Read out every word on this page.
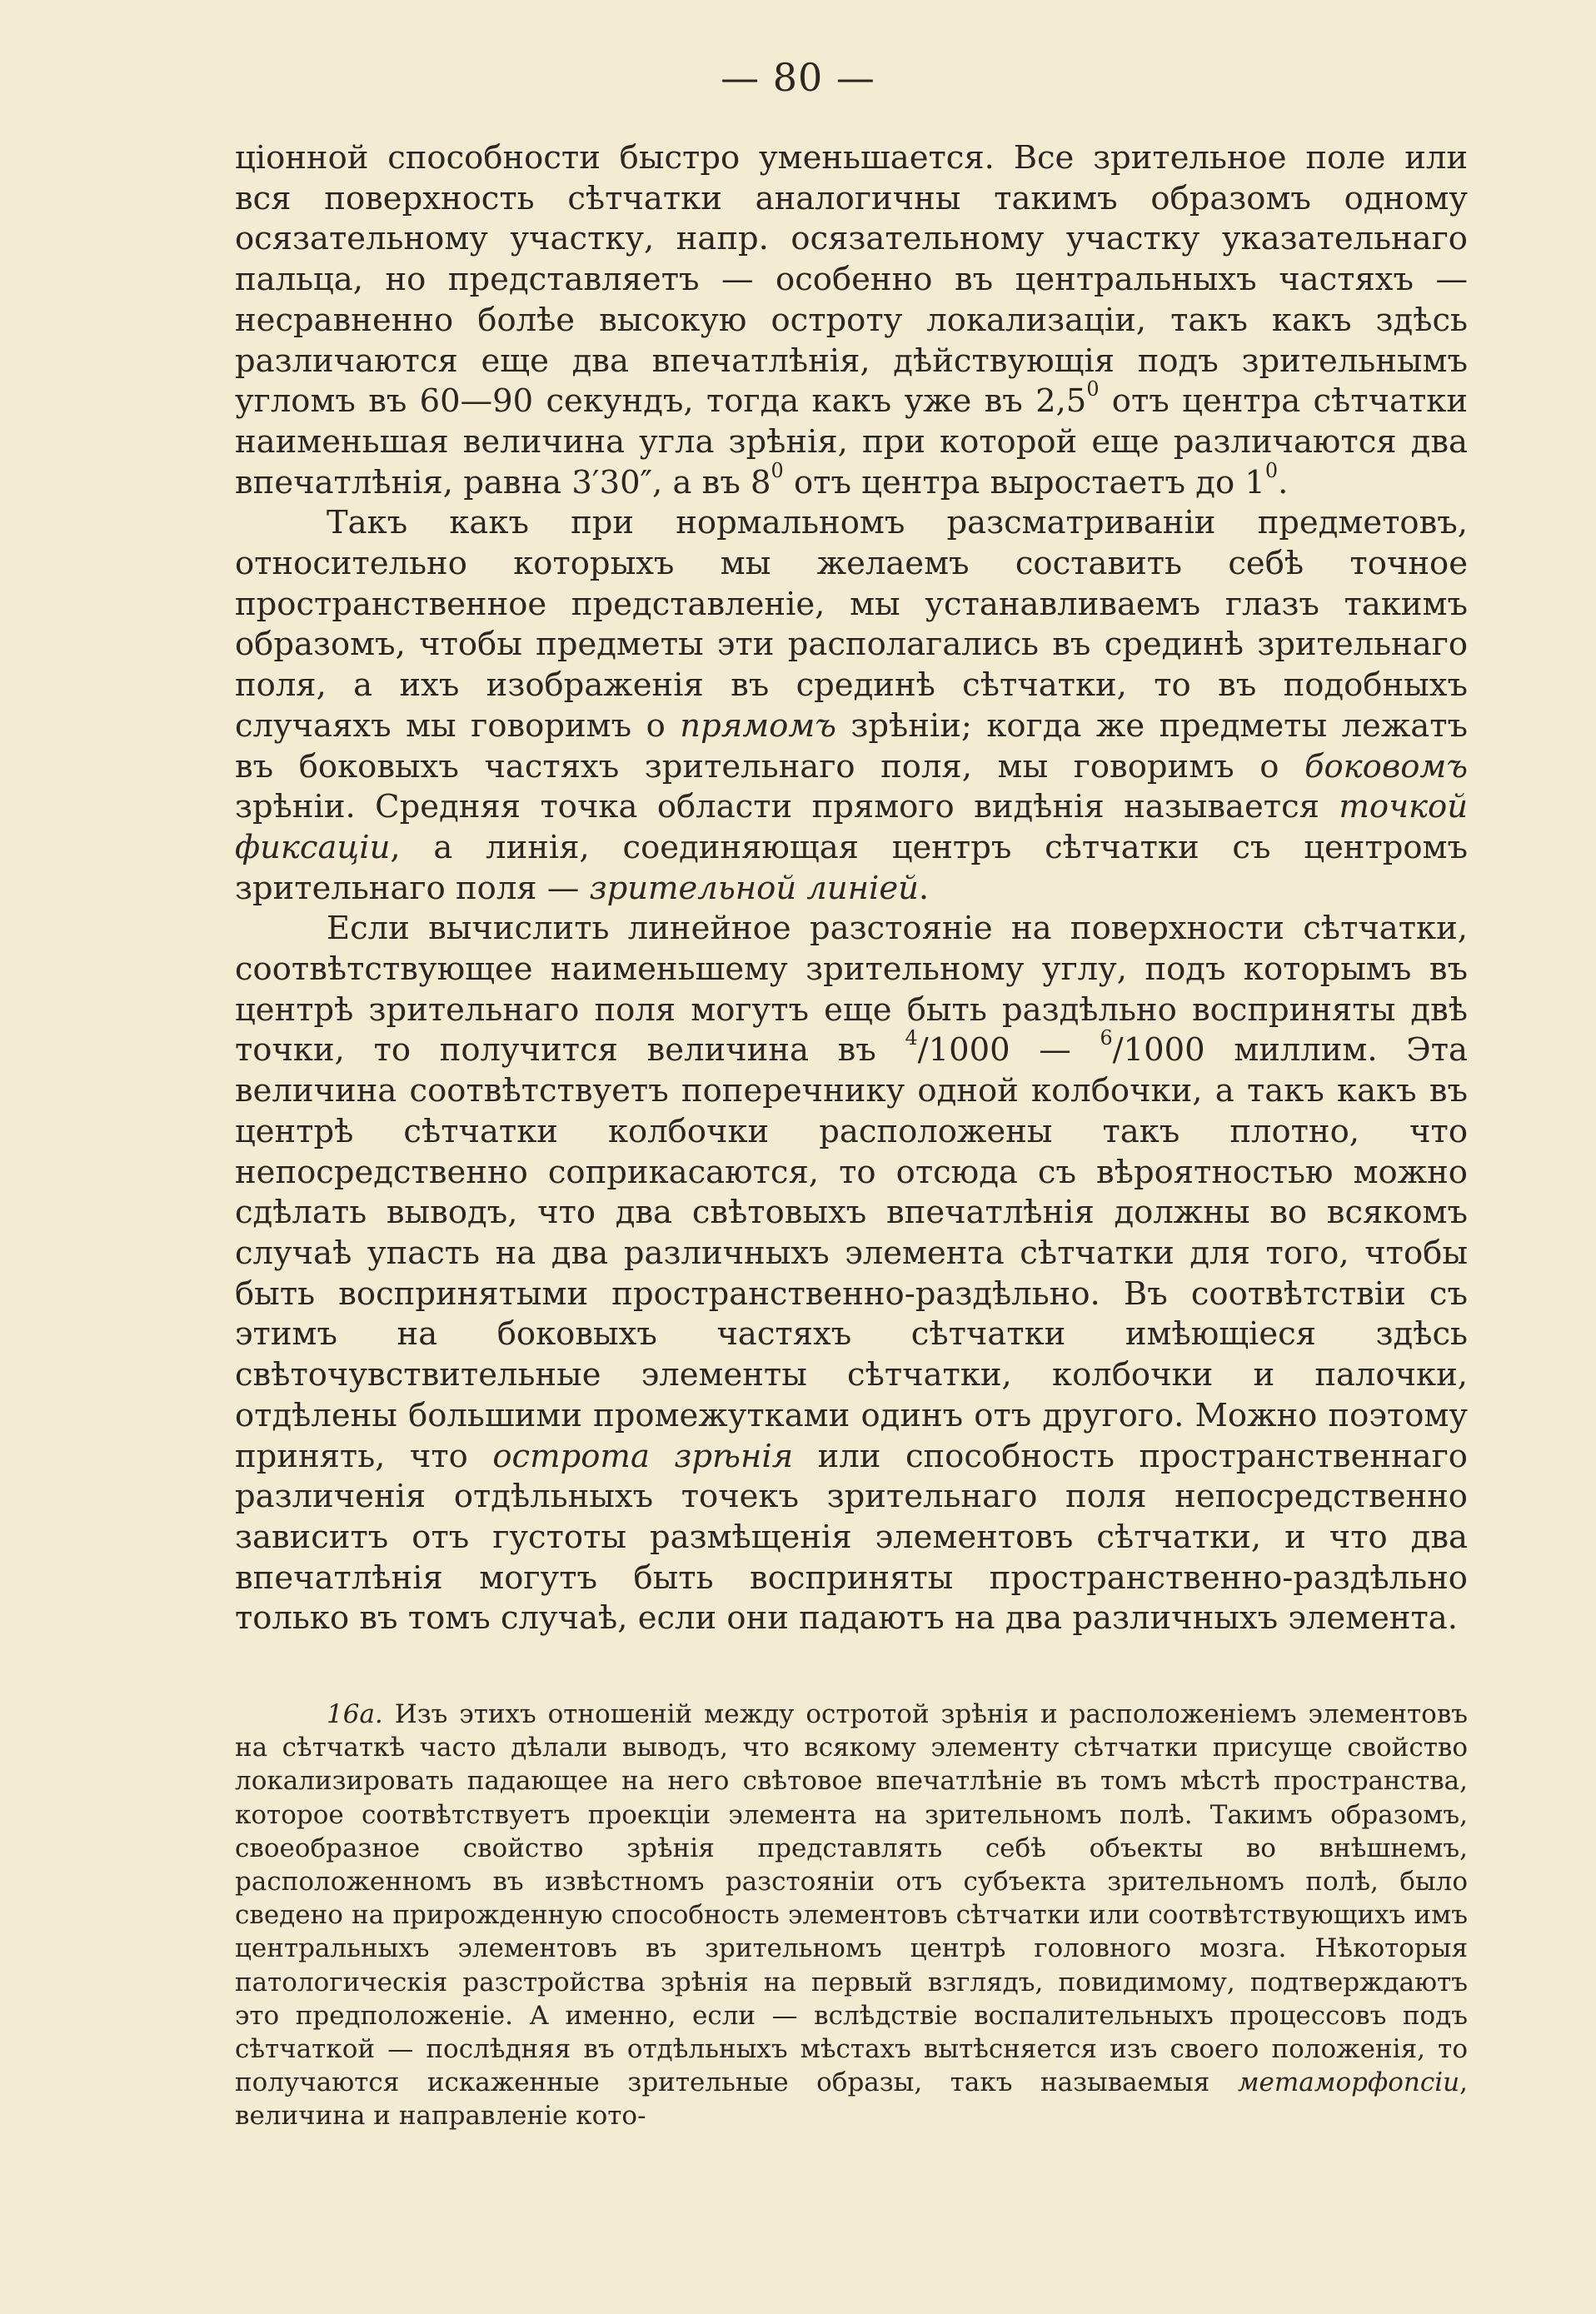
— 80 —

ціонной способности быстро уменьшается. Все зрительное поле или вся поверхность сѣтчатки аналогичны такимъ образомъ одному осязательному участку, напр. осязательному участку указательнаго пальца, но представляетъ — особенно въ центральныхъ частяхъ — несравненно болѣе высокую остроту локализаціи, такъ какъ здѣсь различаются еще два впечатлѣнія, дѣйствующія подъ зрительнымъ угломъ въ 60—90 секундъ, тогда какъ уже въ $2,5^0$ отъ центра сѣтчатки наименьшая величина угла зрѣнія, при которой еще различаются два впечатлѣнія, равна 3′30″, а въ $8^0$ отъ центра выростаетъ до $1^0$.

Такъ какъ при нормальномъ разсматриваніи предметовъ, относительно которыхъ мы желаемъ составить себѣ точное пространственное представленіе, мы устанавливаемъ глазъ такимъ образомъ, чтобы предметы эти располагались въ срединѣ зрительнаго поля, а ихъ изображенія въ срединѣ сѣтчатки, то въ подобныхъ случаяхъ мы говоримъ о прямомъ зрѣніи; когда же предметы лежатъ въ боковыхъ частяхъ зрительнаго поля, мы говоримъ о боковомъ зрѣніи. Средняя точка области прямого видѣнія называется точкой фиксаціи, а линія, соединяющая центръ сѣтчатки съ центромъ зрительнаго поля — зрительной линіей.

Если вычислить линейное разстояніе на поверхности сѣтчатки, соотвѣтствующее наименьшему зрительному углу, подъ которымъ въ центрѣ зрительнаго поля могутъ еще быть раздѣльно восприняты двѣ точки, то получится величина въ $^4$/1000 — $^6$/1000 миллим. Эта величина соотвѣтствуетъ поперечнику одной колбочки, а такъ какъ въ центрѣ сѣтчатки колбочки расположены такъ плотно, что непосредственно соприкасаются, то отсюда съ вѣроятностью можно сдѣлать выводъ, что два свѣтовыхъ впечатлѣнія должны во всякомъ случаѣ упасть на два различныхъ элемента сѣтчатки для того, чтобы быть воспринятыми пространственно-раздѣльно. Въ соотвѣтствіи съ этимъ на боковыхъ частяхъ сѣтчатки имѣющіеся здѣсь свѣточувствительные элементы сѣтчатки, колбочки и палочки, отдѣлены большими промежутками одинъ отъ другого. Можно поэтому принять, что острота зрѣнія или способность пространственнаго различенія отдѣльныхъ точекъ зрительнаго поля непосредственно зависитъ отъ густоты размѣщенія элементовъ сѣтчатки, и что два впечатлѣнія могутъ быть восприняты пространственно-раздѣльно только въ томъ случаѣ, если они падаютъ на два различныхъ элемента.

16а. Изъ этихъ отношеній между остротой зрѣнія и расположеніемъ элементовъ на сѣтчаткѣ часто дѣлали выводъ, что всякому элементу сѣтчатки присуще свойство локализировать падающее на него свѣтовое впечатлѣніе въ томъ мѣстѣ пространства, которое соотвѣтствуетъ проекціи элемента на зрительномъ полѣ. Такимъ образомъ, своеобразное свойство зрѣнія представлять себѣ объекты во внѣшнемъ, расположенномъ въ извѣстномъ разстояніи отъ субъекта зрительномъ полѣ, было сведено на прирожденную способность элементовъ сѣтчатки или соотвѣтствующихъ имъ центральныхъ элементовъ въ зрительномъ центрѣ головного мозга. Нѣкоторыя патологическія разстройства зрѣнія на первый взглядъ, повидимому, подтверждаютъ это предположеніе. А именно, если — вслѣдствіе воспалительныхъ процессовъ подъ сѣтчаткой — послѣдняя въ отдѣльныхъ мѣстахъ вытѣсняется изъ своего положенія, то получаются искаженные зрительные образы, такъ называемыя метаморфопсіи, величина и направленіе кото-
